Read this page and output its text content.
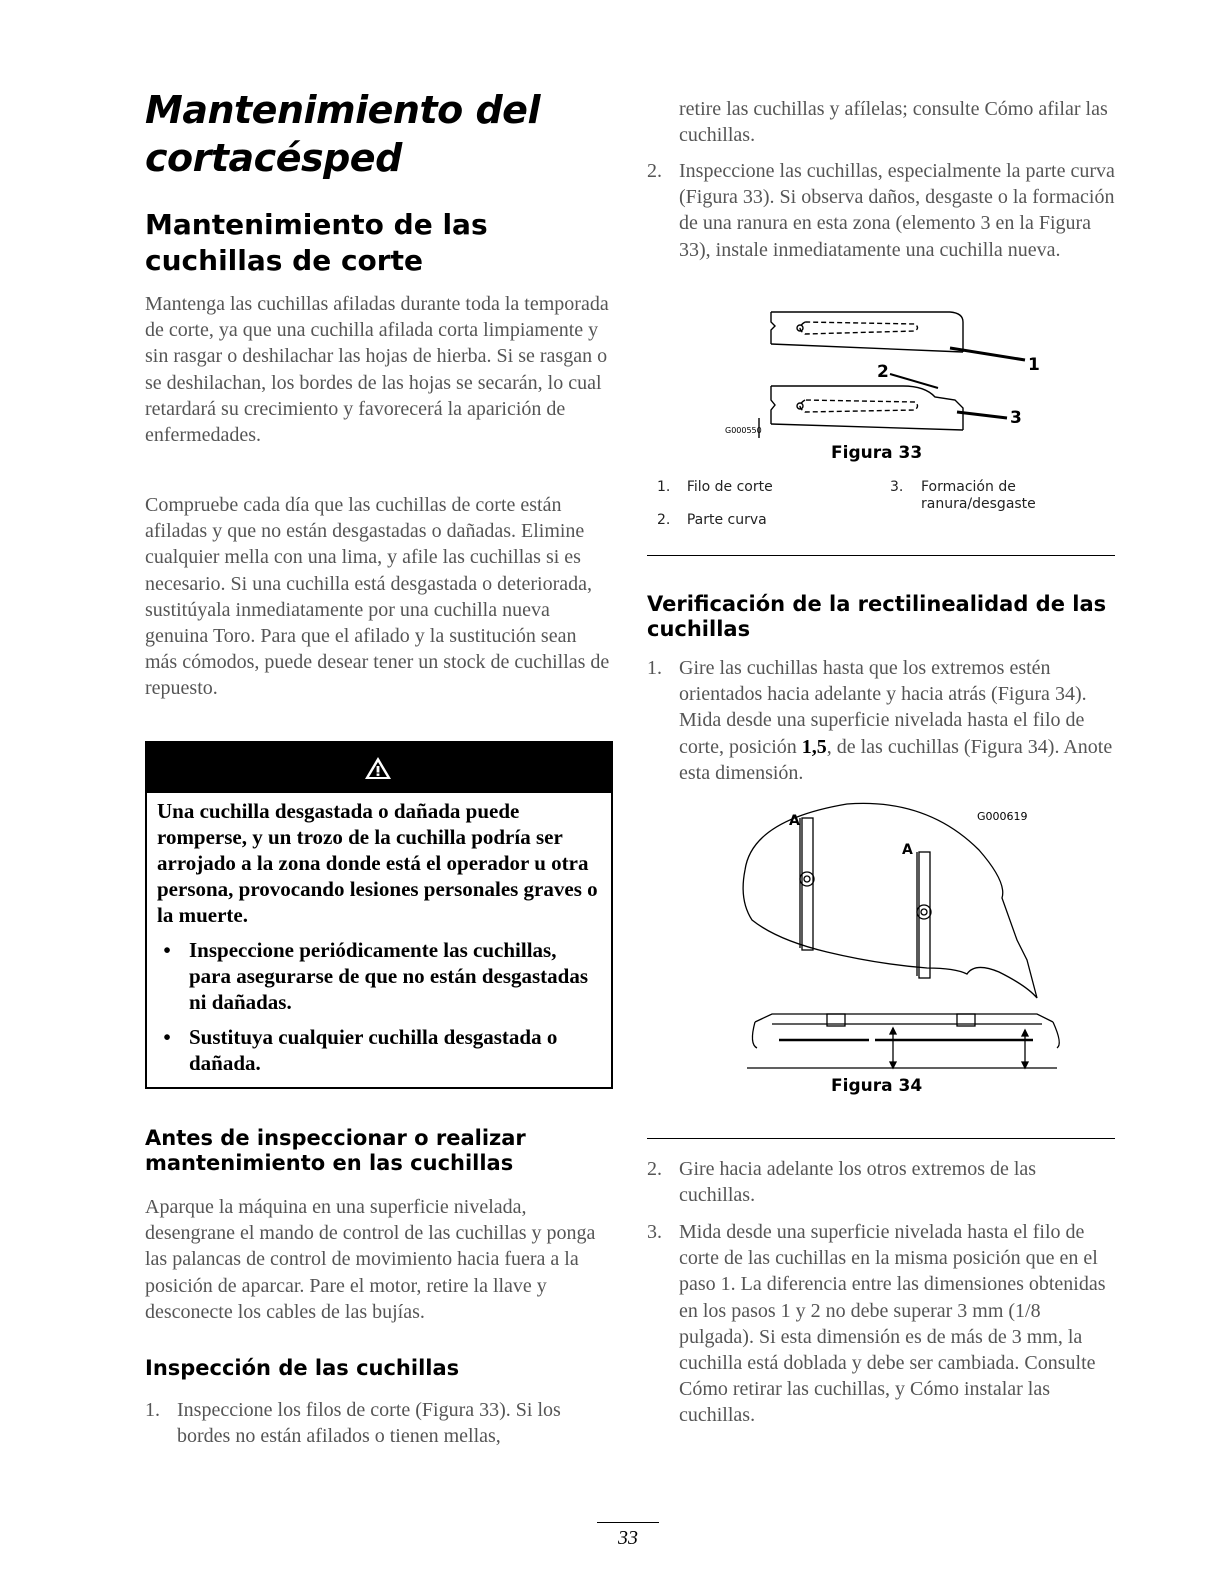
Mantenimiento del cortacésped
Mantenimiento de las cuchillas de corte

Mantenga las cuchillas afiladas durante toda la temporada de corte, ya que una cuchilla afilada corta limpiamente y sin rasgar o deshilachar las hojas de hierba. Si se rasgan o se deshilachan, los bordes de las hojas se secarán, lo cual retardará su crecimiento y favorecerá la aparición de enfermedades.

Compruebe cada día que las cuchillas de corte están afiladas y que no están desgastadas o dañadas. Elimine cualquier mella con una lima, y afile las cuchillas si es necesario. Si una cuchilla está desgastada o deteriorada, sustitúyala inmediatamente por una cuchilla nueva genuina Toro. Para que el afilado y la sustitución sean más cómodos, puede desear tener un stock de cuchillas de repuesto.

Una cuchilla desgastada o dañada puede romperse, y un trozo de la cuchilla podría ser arrojado a la zona donde está el operador u otra persona, provocando lesiones personales graves o la muerte.

• Inspeccione periódicamente las cuchillas, para asegurarse de que no están desgastadas ni dañadas.
• Sustituya cualquier cuchilla desgastada o dañada.
Antes de inspeccionar o realizar mantenimiento en las cuchillas

Aparque la máquina en una superficie nivelada, desengrane el mando de control de las cuchillas y ponga las palancas de control de movimiento hacia fuera a la posición de aparcar. Pare el motor, retire la llave y desconecte los cables de las bujías.

Inspección de las cuchillas
1. Inspeccione los filos de corte (Figura 33). Si los bordes no están afilados o tienen mellas,
retire las cuchillas y afílelas; consulte Cómo afilar las cuchillas.
2. Inspeccione las cuchillas, especialmente la parte curva (Figura 33). Si observa daños, desgaste o la formación de una ranura en esta zona (elemento 3 en la Figura 33), instale inmediatamente una cuchilla nueva.
1
2
3
G000550
Figura 33
1. Filo de corte
2. Parte curva
3. Formación de ranura/desgaste
Verificación de la rectilinealidad de las cuchillas
1. Gire las cuchillas hasta que los extremos estén orientados hacia adelante y hacia atrás (Figura 34). Mida desde una superficie nivelada hasta el filo de corte, posición 1,5, de las cuchillas (Figura 34). Anote esta dimensión.
A
A
G000619
Figura 34
2. Gire hacia adelante los otros extremos de las cuchillas.
3. Mida desde una superficie nivelada hasta el filo de corte de las cuchillas en la misma posición que en el paso 1. La diferencia entre las dimensiones obtenidas en los pasos 1 y 2 no debe superar 3 mm (1/8 pulgada). Si esta dimensión es de más de 3 mm, la cuchilla está doblada y debe ser cambiada. Consulte Cómo retirar las cuchillas, y Cómo instalar las cuchillas.
33
